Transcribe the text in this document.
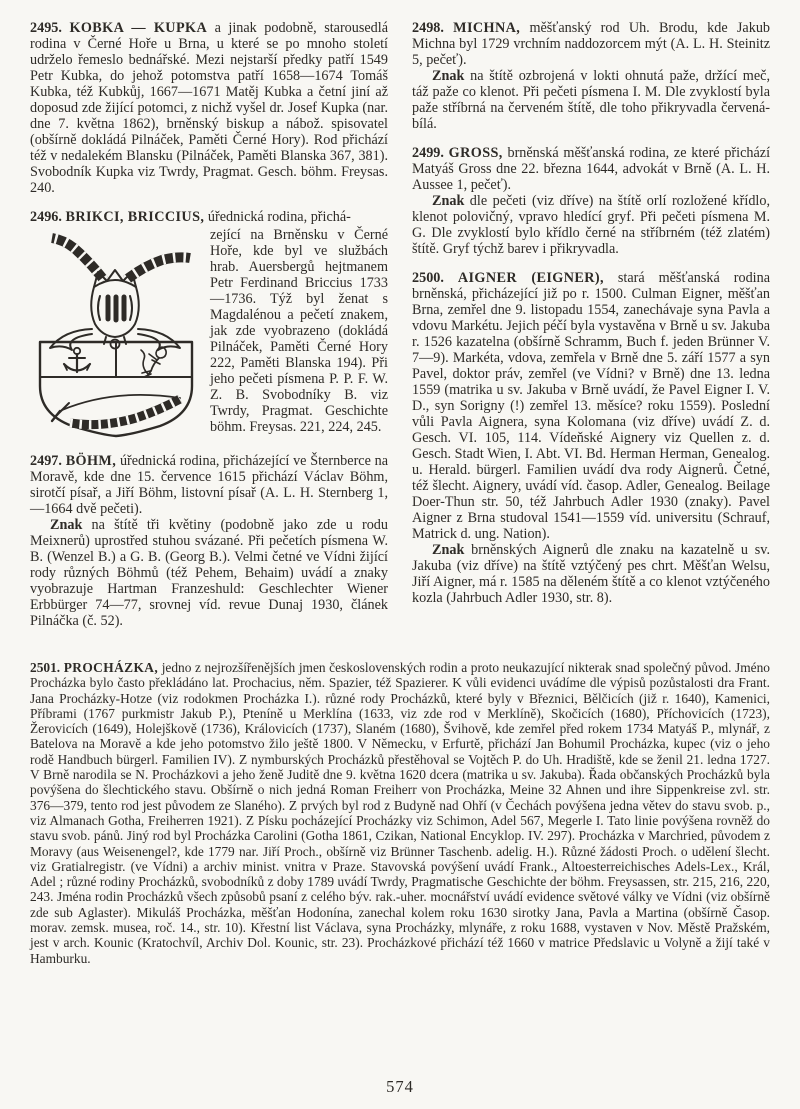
2495. KOBKA — KUPKA a jinak podobně, starousedlá rodina v Černé Hoře u Brna, u které se po mnoho století udrželo řemeslo bednářské. Mezi nejstarší předky patří 1549 Petr Kubka, do jehož potomstva patří 1658—1674 Tomáš Kubka, též Kubkůj, 1667—1671 Matěj Kubka a četní jiní až doposud zde žijící potomci, z nichž vyšel dr. Josef Kupka (nar. dne 7. května 1862), brněnský biskup a nábož. spisovatel (obšírně dokládá Pilnáček, Paměti Černé Hory). Rod přichází též v nedalekém Blansku (Pilnáček, Paměti Blanska 367, 381). Svobodník Kupka viz Twrdy, Pragmat. Gesch. böhm. Freysas. 240.

2496. BRIKCI, BRICCIUS, úřednická rodina, přichá-

zející na Brněnsku v Černé Hoře, kde byl ve službách hrab. Auersbergů hejtmanem Petr Ferdinand Briccius 1733—1736. Týž byl ženat s Magdalénou a pečetí znakem, jak zde vyobrazeno (dokládá Pilnáček, Paměti Černé Hory 222, Paměti Blanska 194). Při jeho pečeti písmena P. P. F. W. Z. B. Svobodníky B. viz Twrdy, Pragmat. Geschichte böhm. Freysas. 221, 224, 245.

2497. BÖHM, úřednická rodina, přicházející ve Šternberce na Moravě, kde dne 15. července 1615 přichází Václav Böhm, sirotčí písař, a Jiří Böhm, listovní písař (A. L. H. Sternberg 1, —1664 dvě pečeti).

Znak na štítě tři květiny (podobně jako zde u rodu Meixnerů) uprostřed stuhou svázané. Při pečetích písmena W. B. (Wenzel B.) a G. B. (Georg B.). Velmi četné ve Vídni žijící rody různých Böhmů (též Pehem, Behaim) uvádí a znaky vyobrazuje Hartman Franzeshuld: Geschlechter Wiener Erbbürger 74—77, srovnej víd. revue Dunaj 1930, článek Pilnáčka (č. 52).

2498. MICHNA, měšťanský rod Uh. Brodu, kde Jakub Michna byl 1729 vrchním naddozorcem mýt (A. L. H. Steinitz 5, pečeť).

Znak na štítě ozbrojená v lokti ohnutá paže, držící meč, táž paže co klenot. Při pečeti písmena I. M. Dle zvyklostí byla paže stříbrná na červeném štítě, dle toho přikryvadla červená-bílá.

2499. GROSS, brněnská měšťanská rodina, ze které přichází Matyáš Gross dne 22. března 1644, advokát v Brně (A. L. H. Aussee 1, pečeť).

Znak dle pečeti (viz dříve) na štítě orlí rozložené křídlo, klenot polovičný, vpravo hledící gryf. Při pečeti písmena M. G. Dle zvyklostí bylo křídlo černé na stříbrném (též zlatém) štítě. Gryf týchž barev i přikryvadla.

2500. AIGNER (EIGNER), stará měšťanská rodina brněnská, přicházející již po r. 1500. Culman Eigner, měšťan Brna, zemřel dne 9. listopadu 1554, zanechávaje syna Pavla a vdovu Markétu. Jejich péčí byla vystavěna v Brně u sv. Jakuba r. 1526 kazatelna (obšírně Schramm, Buch f. jeden Brünner V. 7—9). Markéta, vdova, zemřela v Brně dne 5. září 1577 a syn Pavel, doktor práv, zemřel (ve Vídni? v Brně) dne 13. ledna 1559 (matrika u sv. Jakuba v Brně uvádí, že Pavel Eigner I. V. D., syn Sorigny (!) zemřel 13. měsíce? roku 1559). Poslední vůli Pavla Aignera, syna Kolomana (viz dříve) uvádí Z. d. Gesch. VI. 105, 114. Vídeňské Aignery viz Quellen z. d. Gesch. Stadt Wien, I. Abt. VI. Bd. Herman Herman, Genealog. u. Herald. bürgerl. Familien uvádí dva rody Aignerů. Četné, též šlecht. Aignery, uvádí víd. časop. Adler, Genealog. Beilage Doer-Thun str. 50, též Jahrbuch Adler 1930 (znaky). Pavel Aigner z Brna studoval 1541—1559 víd. universitu (Schrauf, Matrick d. ung. Nation).

Znak brněnských Aignerů dle znaku na kazatelně u sv. Jakuba (viz dříve) na štítě vztýčený pes chrt. Měšťan Welsu, Jiří Aigner, má r. 1585 na děleném štítě a co klenot vztýčeného kozla (Jahrbuch Adler 1930, str. 8).

2501. PROCHÁZKA, jedno z nejrozšířenějších jmen československých rodin a proto neukazující nikterak snad společný původ. Jméno Procházka bylo často překládáno lat. Prochacius, něm. Spazier, též Spazierer. K vůli evidenci uvádíme dle výpisů pozůstalosti dra Frant. Jana Procházky-Hotze (viz rodokmen Procházka I.). různé rody Procházků, které byly v Březnici, Bělčicích (již r. 1640), Kamenici, Příbrami (1767 purkmistr Jakub P.), Pteníně u Merklína (1633, viz zde rod v Merklíně), Skočicích (1680), Příchovicích (1723), Žerovicích (1649), Holejškově (1736), Královicích (1737), Slaném (1680), Švihově, kde zemřel před rokem 1734 Matyáš P., mlynář, z Batelova na Moravě a kde jeho potomstvo žilo ještě 1800. V Německu, v Erfurtě, přichází Jan Bohumil Procházka, kupec (viz o jeho rodě Handbuch bürgerl. Familien IV). Z nymburských Procházků přestěhoval se Vojtěch P. do Uh. Hradiště, kde se ženil 21. ledna 1727. V Brně narodila se N. Procházkovi a jeho ženě Juditě dne 9. května 1620 dcera (matrika u sv. Jakuba). Řada občanských Procházků byla povýšena do šlechtického stavu. Obšírně o nich jedná Roman Freiherr von Procházka, Meine 32 Ahnen und ihre Sippenkreise zvl. str. 376—379, tento rod jest původem ze Slaného). Z prvých byl rod z Budyně nad Ohří (v Čechách povýšena jedna větev do stavu svob. p., viz Almanach Gotha, Freiherren 1921). Z Písku pocházející Procházky viz Schimon, Adel 567, Megerle I. Tato linie povýšena rovněž do stavu svob. pánů. Jiný rod byl Procházka Carolini (Gotha 1861, Czikan, National Encyklop. IV. 297). Procházka v Marchried, původem z Moravy (aus Weisenengel?, kde 1779 nar. Jiří Proch., obšírně viz Brünner Taschenb. adelig. H.). Různé žádosti Proch. o udělení šlecht. viz Gratialregistr. (ve Vídni) a archiv minist. vnitra v Praze. Stavovská povýšení uvádí Frank., Altoesterreichisches Adels-Lex., Král, Adel ; různé rodiny Procházků, svobodníků z doby 1789 uvádí Twrdy, Pragmatische Geschichte der böhm. Freysassen, str. 215, 216, 220, 243. Jména rodin Procházků všech způsobů psaní z celého býv. rak.-uher. mocnářství uvádí evidence světové války ve Vídni (viz obšírně zde sub Aglaster). Mikuláš Procházka, měšťan Hodonína, zanechal kolem roku 1630 sirotky Jana, Pavla a Martina (obšírně Časop. morav. zemsk. musea, roč. 14., str. 10). Křestní list Václava, syna Procházky, mlynáře, z roku 1688, vystaven v Nov. Městě Pražském, jest v arch. Kounic (Kratochvíl, Archiv Dol. Kounic, str. 23). Procházkové přichází též 1660 v matrice Předslavic u Volyně a žijí také v Hamburku.

574
